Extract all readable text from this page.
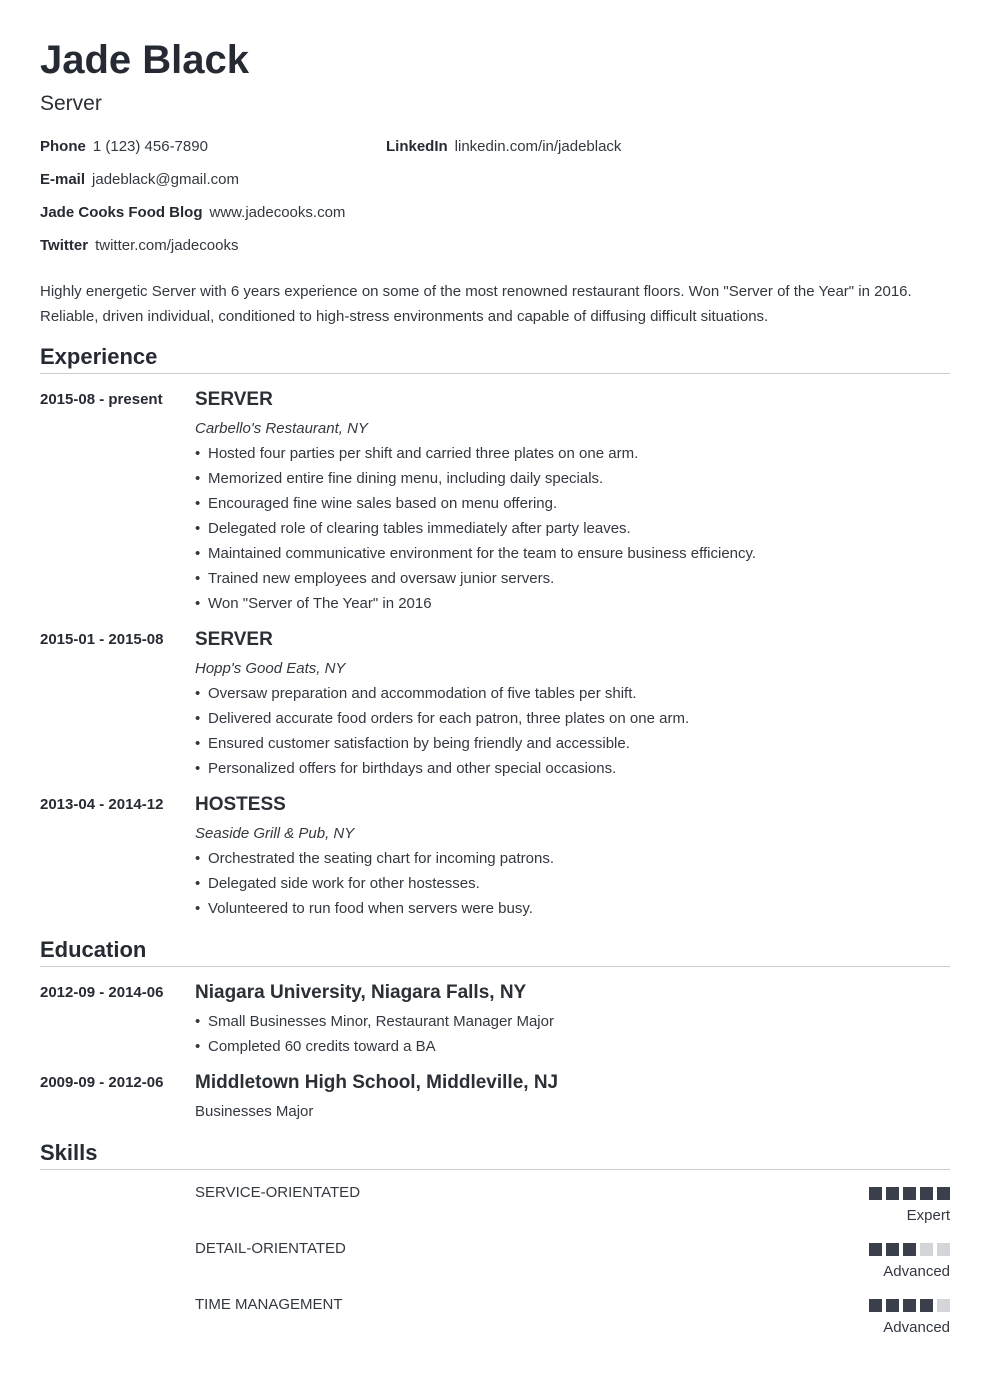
Jade Black
Server
Phone 1 (123) 456-7890	LinkedIn linkedin.com/in/jadeblack
E-mail jadeblack@gmail.com
Jade Cooks Food Blog www.jadecooks.com
Twitter twitter.com/jadecooks
Highly energetic Server with 6 years experience on some of the most renowned restaurant floors. Won "Server of the Year" in 2016. Reliable, driven individual, conditioned to high-stress environments and capable of diffusing difficult situations.
Experience
2015-08 - present SERVER
Carbello's Restaurant, NY
• Hosted four parties per shift and carried three plates on one arm.
• Memorized entire fine dining menu, including daily specials.
• Encouraged fine wine sales based on menu offering.
• Delegated role of clearing tables immediately after party leaves.
• Maintained communicative environment for the team to ensure business efficiency.
• Trained new employees and oversaw junior servers.
• Won "Server of The Year" in 2016
2015-01 - 2015-08 SERVER
Hopp's Good Eats, NY
• Oversaw preparation and accommodation of five tables per shift.
• Delivered accurate food orders for each patron, three plates on one arm.
• Ensured customer satisfaction by being friendly and accessible.
• Personalized offers for birthdays and other special occasions.
2013-04 - 2014-12 HOSTESS
Seaside Grill & Pub, NY
• Orchestrated the seating chart for incoming patrons.
• Delegated side work for other hostesses.
• Volunteered to run food when servers were busy.
Education
2012-09 - 2014-06 Niagara University, Niagara Falls, NY
• Small Businesses Minor, Restaurant Manager Major
• Completed 60 credits toward a BA
2009-09 - 2012-06 Middletown High School, Middleville, NJ
Businesses Major
Skills
SERVICE-ORIENTATED
Expert
DETAIL-ORIENTATED
Advanced
TIME MANAGEMENT
Advanced
